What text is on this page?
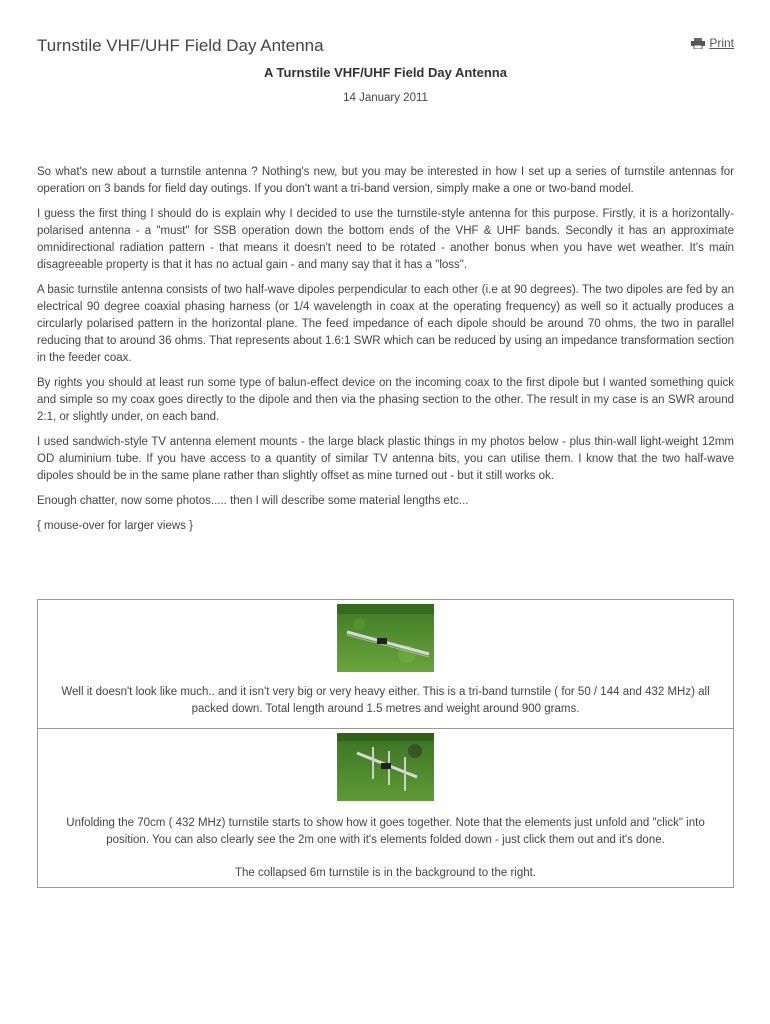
Turnstile VHF/UHF Field Day Antenna	Print
A Turnstile VHF/UHF Field Day Antenna
14 January 2011

So what's new about a turnstile antenna ? Nothing's new, but you may be interested in how I set up a series of turnstile antennas for operation on 3 bands for field day outings. If you don't want a tri-band version, simply make a one or two-band model.

I guess the first thing I should do is explain why I decided to use the turnstile-style antenna for this purpose. Firstly, it is a horizontally-polarised antenna - a "must" for SSB operation down the bottom ends of the VHF & UHF bands. Secondly it has an approximate omnidirectional radiation pattern - that means it doesn't need to be rotated - another bonus when you have wet weather. It's main disagreeable property is that it has no actual gain - and many say that it has a "loss".

A basic turnstile antenna consists of two half-wave dipoles perpendicular to each other (i.e at 90 degrees). The two dipoles are fed by an electrical 90 degree coaxial phasing harness (or 1/4 wavelength in coax at the operating frequency) as well so it actually produces a circularly polarised pattern in the horizontal plane. The feed impedance of each dipole should be around 70 ohms, the two in parallel reducing that to around 36 ohms. That represents about 1.6:1 SWR which can be reduced by using an impedance transformation section in the feeder coax.

By rights you should at least run some type of balun-effect device on the incoming coax to the first dipole but I wanted something quick and simple so my coax goes directly to the dipole and then via the phasing section to the other. The result in my case is an SWR around 2:1, or slightly under, on each band.

I used sandwich-style TV antenna element mounts - the large black plastic things in my photos below - plus thin-wall light-weight 12mm OD aluminium tube. If you have access to a quantity of similar TV antenna bits, you can utilise them. I know that the two half-wave dipoles should be in the same plane rather than slightly offset as mine turned out - but it still works ok.

Enough chatter, now some photos..... then I will describe some material lengths etc...

{ mouse-over for larger views }

Well it doesn't look like much.. and it isn't very big or very heavy either. This is a tri-band turnstile ( for 50 / 144 and 432 MHz) all packed down. Total length around 1.5 metres and weight around 900 grams.
Unfolding the 70cm ( 432 MHz) turnstile starts to show how it goes together. Note that the elements just unfold and "click" into position. You can also clearly see the 2m one with it's elements folded down - just click them out and it's done.
The collapsed 6m turnstile is in the background to the right.
